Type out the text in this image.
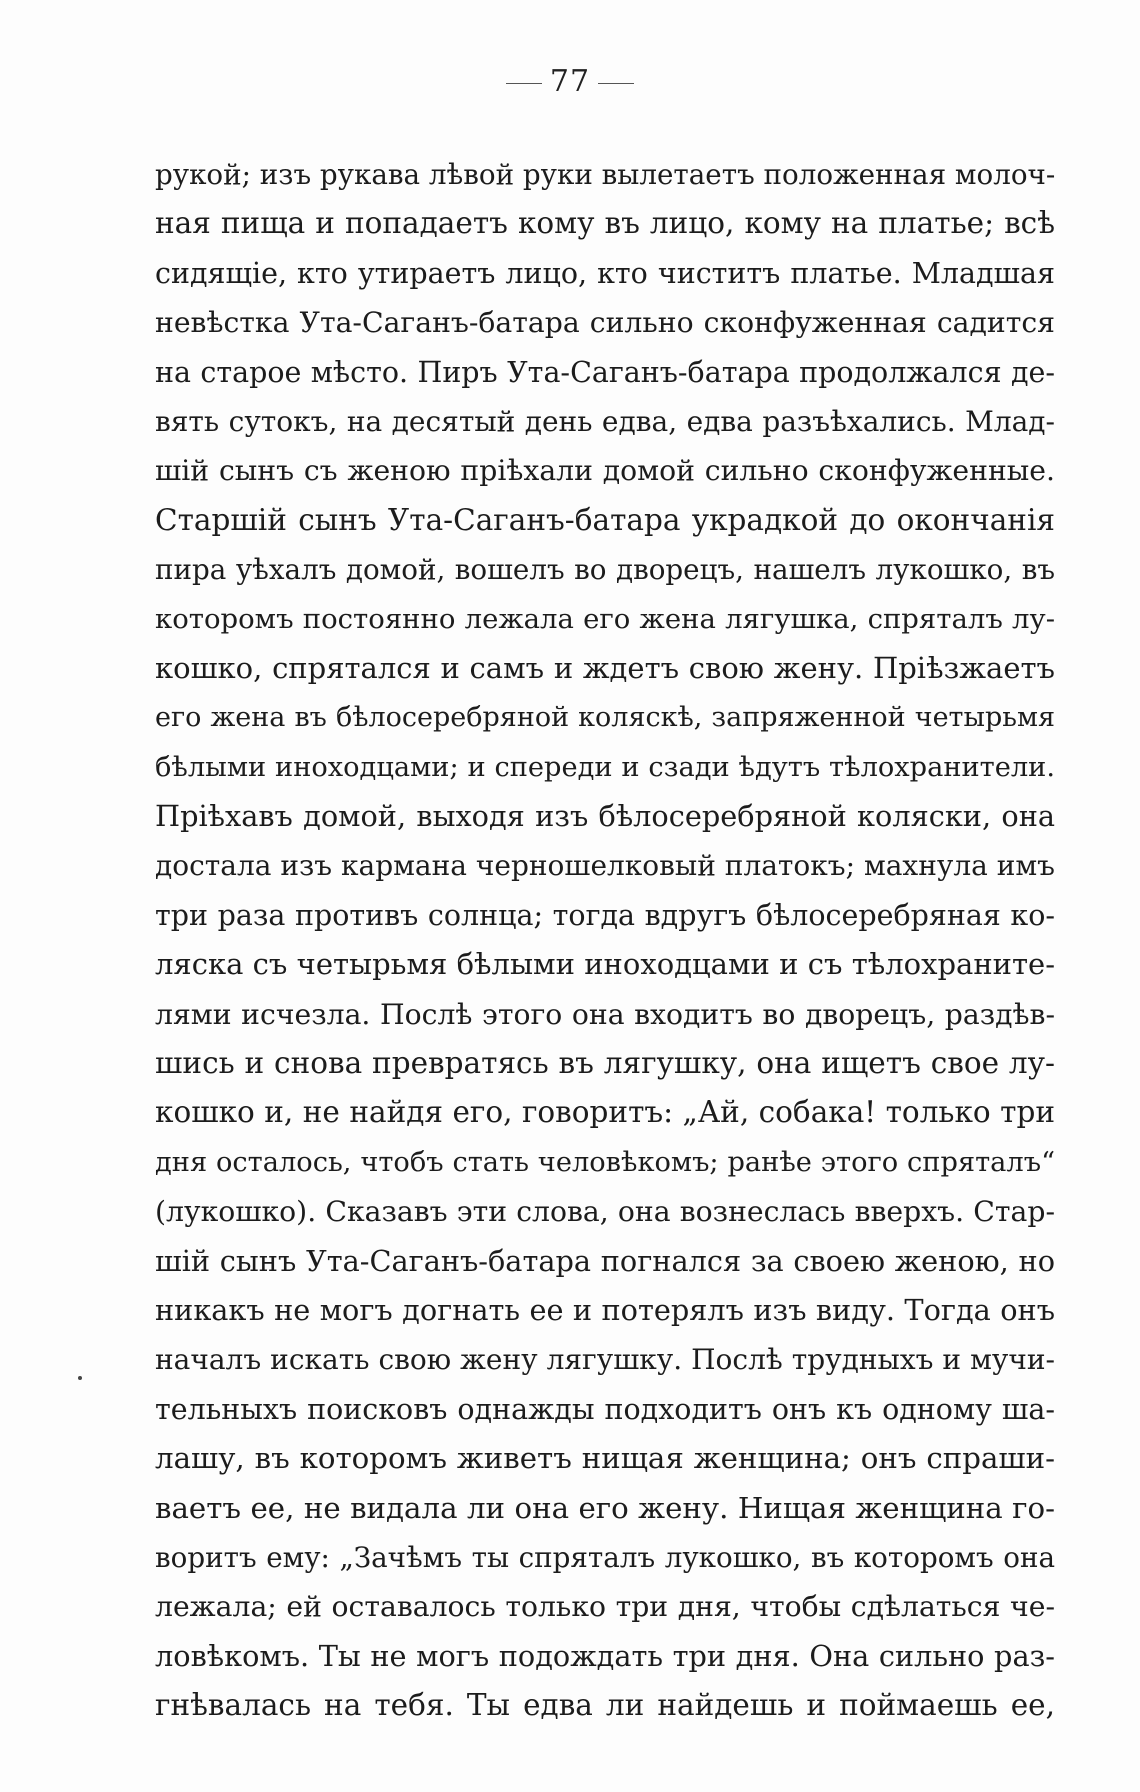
77
рукой; изъ рукава лѣвой руки вылетаетъ положенная молоч-
ная пища и попадаетъ кому въ лицо, кому на платье; всѣ
сидящіе, кто утираетъ лицо, кто чиститъ платье. Младшая
невѣстка Ута-Саганъ-батара сильно сконфуженная садится
на старое мѣсто. Пиръ Ута-Саганъ-батара продолжался де-
вять сутокъ, на десятый день едва, едва разъѣхались. Млад-
шій сынъ съ женою пріѣхали домой сильно сконфуженные.
Старшій сынъ Ута-Саганъ-батара украдкой до окончанія
пира уѣхалъ домой, вошелъ во дворецъ, нашелъ лукошко, въ
которомъ постоянно лежала его жена лягушка, спряталъ лу-
кошко, спрятался и самъ и ждетъ свою жену. Пріѣзжаетъ
его жена въ бѣлосеребряной коляскѣ, запряженной четырьмя
бѣлыми иноходцами; и спереди и сзади ѣдутъ тѣлохранители.
Пріѣхавъ домой, выходя изъ бѣлосеребряной коляски, она
достала изъ кармана черношелковый платокъ; махнула имъ
три раза противъ солнца; тогда вдругъ бѣлосеребряная ко-
ляска съ четырьмя бѣлыми иноходцами и съ тѣлохраните-
лями исчезла. Послѣ этого она входитъ во дворецъ, раздѣв-
шись и снова превратясь въ лягушку, она ищетъ свое лу-
кошко и, не найдя его, говоритъ: „Ай, собака! только три
дня осталось, чтобъ стать человѣкомъ; ранѣе этого спряталъ“
(лукошко). Сказавъ эти слова, она вознеслась вверхъ. Стар-
шій сынъ Ута-Саганъ-батара погнался за своею женою, но
никакъ не могъ догнать ее и потерялъ изъ виду. Тогда онъ
началъ искать свою жену лягушку. Послѣ трудныхъ и мучи-
тельныхъ поисковъ однажды подходитъ онъ къ одному ша-
лашу, въ которомъ живетъ нищая женщина; онъ спраши-
ваетъ ее, не видала ли она его жену. Нищая женщина го-
воритъ ему: „Зачѣмъ ты спряталъ лукошко, въ которомъ она
лежала; ей оставалось только три дня, чтобы сдѣлаться че-
ловѣкомъ. Ты не могъ подождать три дня. Она сильно раз-
гнѣвалась на тебя. Ты едва ли найдешь и поймаешь ее,
